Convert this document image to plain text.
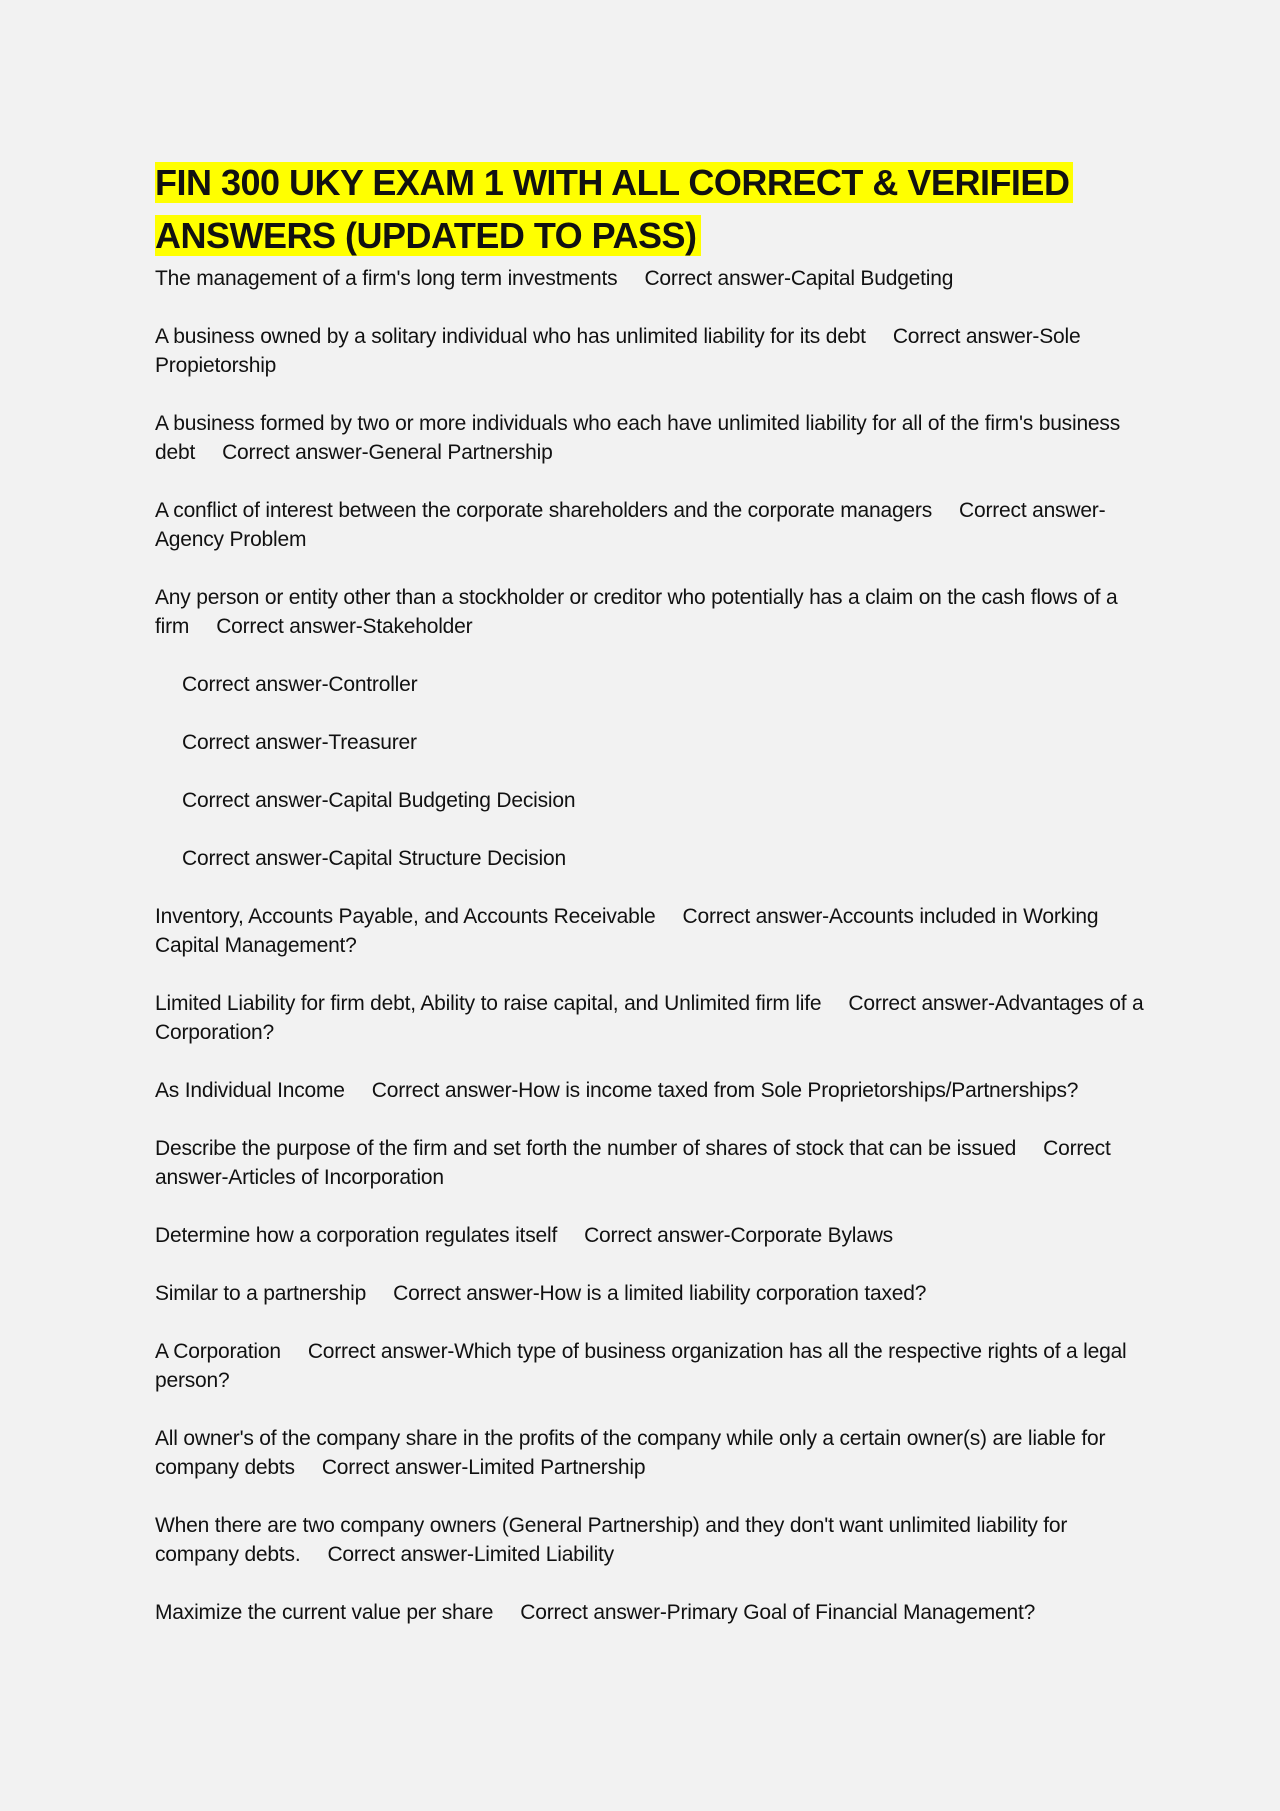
FIN 300 UKY EXAM 1 WITH ALL CORRECT & VERIFIED ANSWERS (UPDATED TO PASS)

The management of a firm's long term investments Correct answer-Capital Budgeting

A business owned by a solitary individual who has unlimited liability for its debt Correct answer-Sole Propietorship

A business formed by two or more individuals who each have unlimited liability for all of the firm's business debt Correct answer-General Partnership

A conflict of interest between the corporate shareholders and the corporate managers Correct answer-Agency Problem

Any person or entity other than a stockholder or creditor who potentially has a claim on the cash flows of a firm Correct answer-Stakeholder

Correct answer-Controller

Correct answer-Treasurer

Correct answer-Capital Budgeting Decision

Correct answer-Capital Structure Decision

Inventory, Accounts Payable, and Accounts Receivable Correct answer-Accounts included in Working Capital Management?

Limited Liability for firm debt, Ability to raise capital, and Unlimited firm life Correct answer-Advantages of a Corporation?

As Individual Income Correct answer-How is income taxed from Sole Proprietorships/Partnerships?

Describe the purpose of the firm and set forth the number of shares of stock that can be issued Correct answer-Articles of Incorporation

Determine how a corporation regulates itself Correct answer-Corporate Bylaws

Similar to a partnership Correct answer-How is a limited liability corporation taxed?

A Corporation Correct answer-Which type of business organization has all the respective rights of a legal person?

All owner's of the company share in the profits of the company while only a certain owner(s) are liable for company debts Correct answer-Limited Partnership

When there are two company owners (General Partnership) and they don't want unlimited liability for company debts. Correct answer-Limited Liability

Maximize the current value per share Correct answer-Primary Goal of Financial Management?
